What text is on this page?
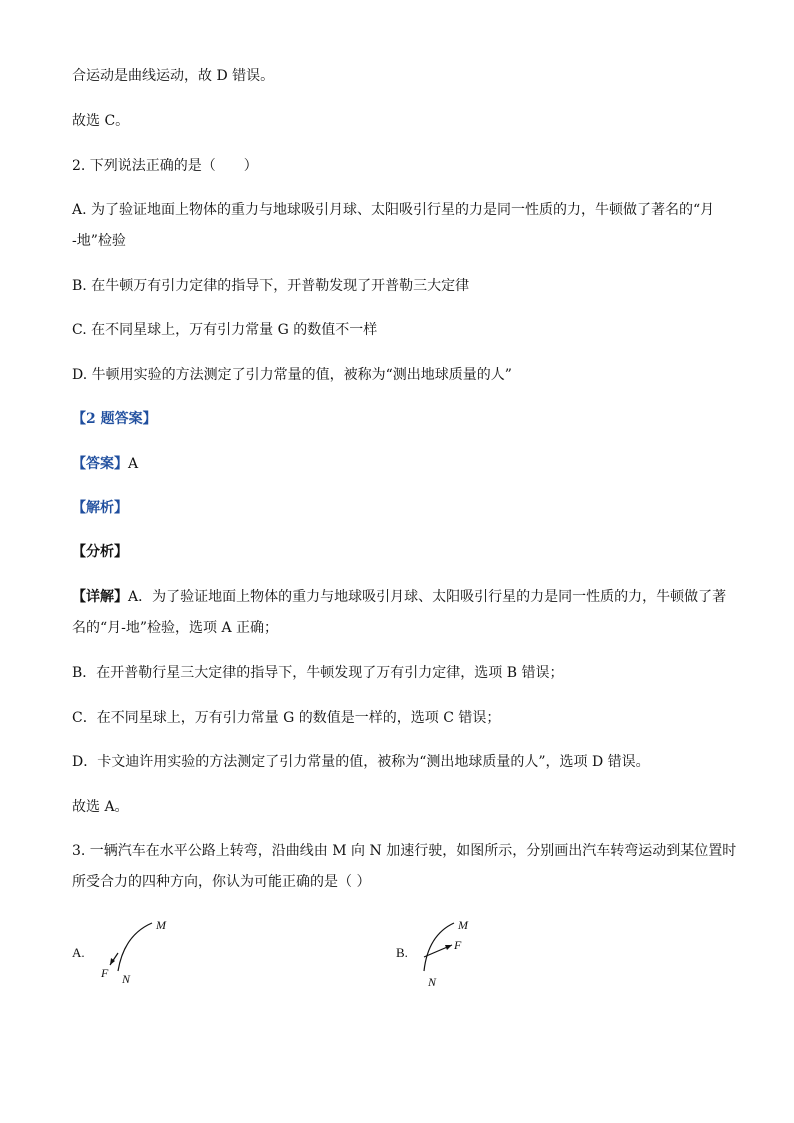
合运动是曲线运动，故 D 错误。
故选 C。
2. 下列说法正确的是（　　）
A. 为了验证地面上物体的重力与地球吸引月球、太阳吸引行星的力是同一性质的力，牛顿做了著名的“月
-地”检验
B. 在牛顿万有引力定律的指导下，开普勒发现了开普勒三大定律
C. 在不同星球上，万有引力常量 G 的数值不一样
D. 牛顿用实验的方法测定了引力常量的值，被称为“测出地球质量的人”
【2 题答案】
【答案】A
【解析】
【分析】
【详解】A．为了验证地面上物体的重力与地球吸引月球、太阳吸引行星的力是同一性质的力，牛顿做了著
名的“月-地”检验，选项 A 正确；
B．在开普勒行星三大定律的指导下，牛顿发现了万有引力定律，选项 B 错误；
C．在不同星球上，万有引力常量 G 的数值是一样的，选项 C 错误；
D．卡文迪许用实验的方法测定了引力常量的值，被称为“测出地球质量的人”，选项 D 错误。
故选 A。
3. 一辆汽车在水平公路上转弯，沿曲线由 M 向 N 加速行驶，如图所示，分别画出汽车转弯运动到某位置时
所受合力的四种方向，你认为可能正确的是（ ）
A.
M
N
F
B.
M
N
F
